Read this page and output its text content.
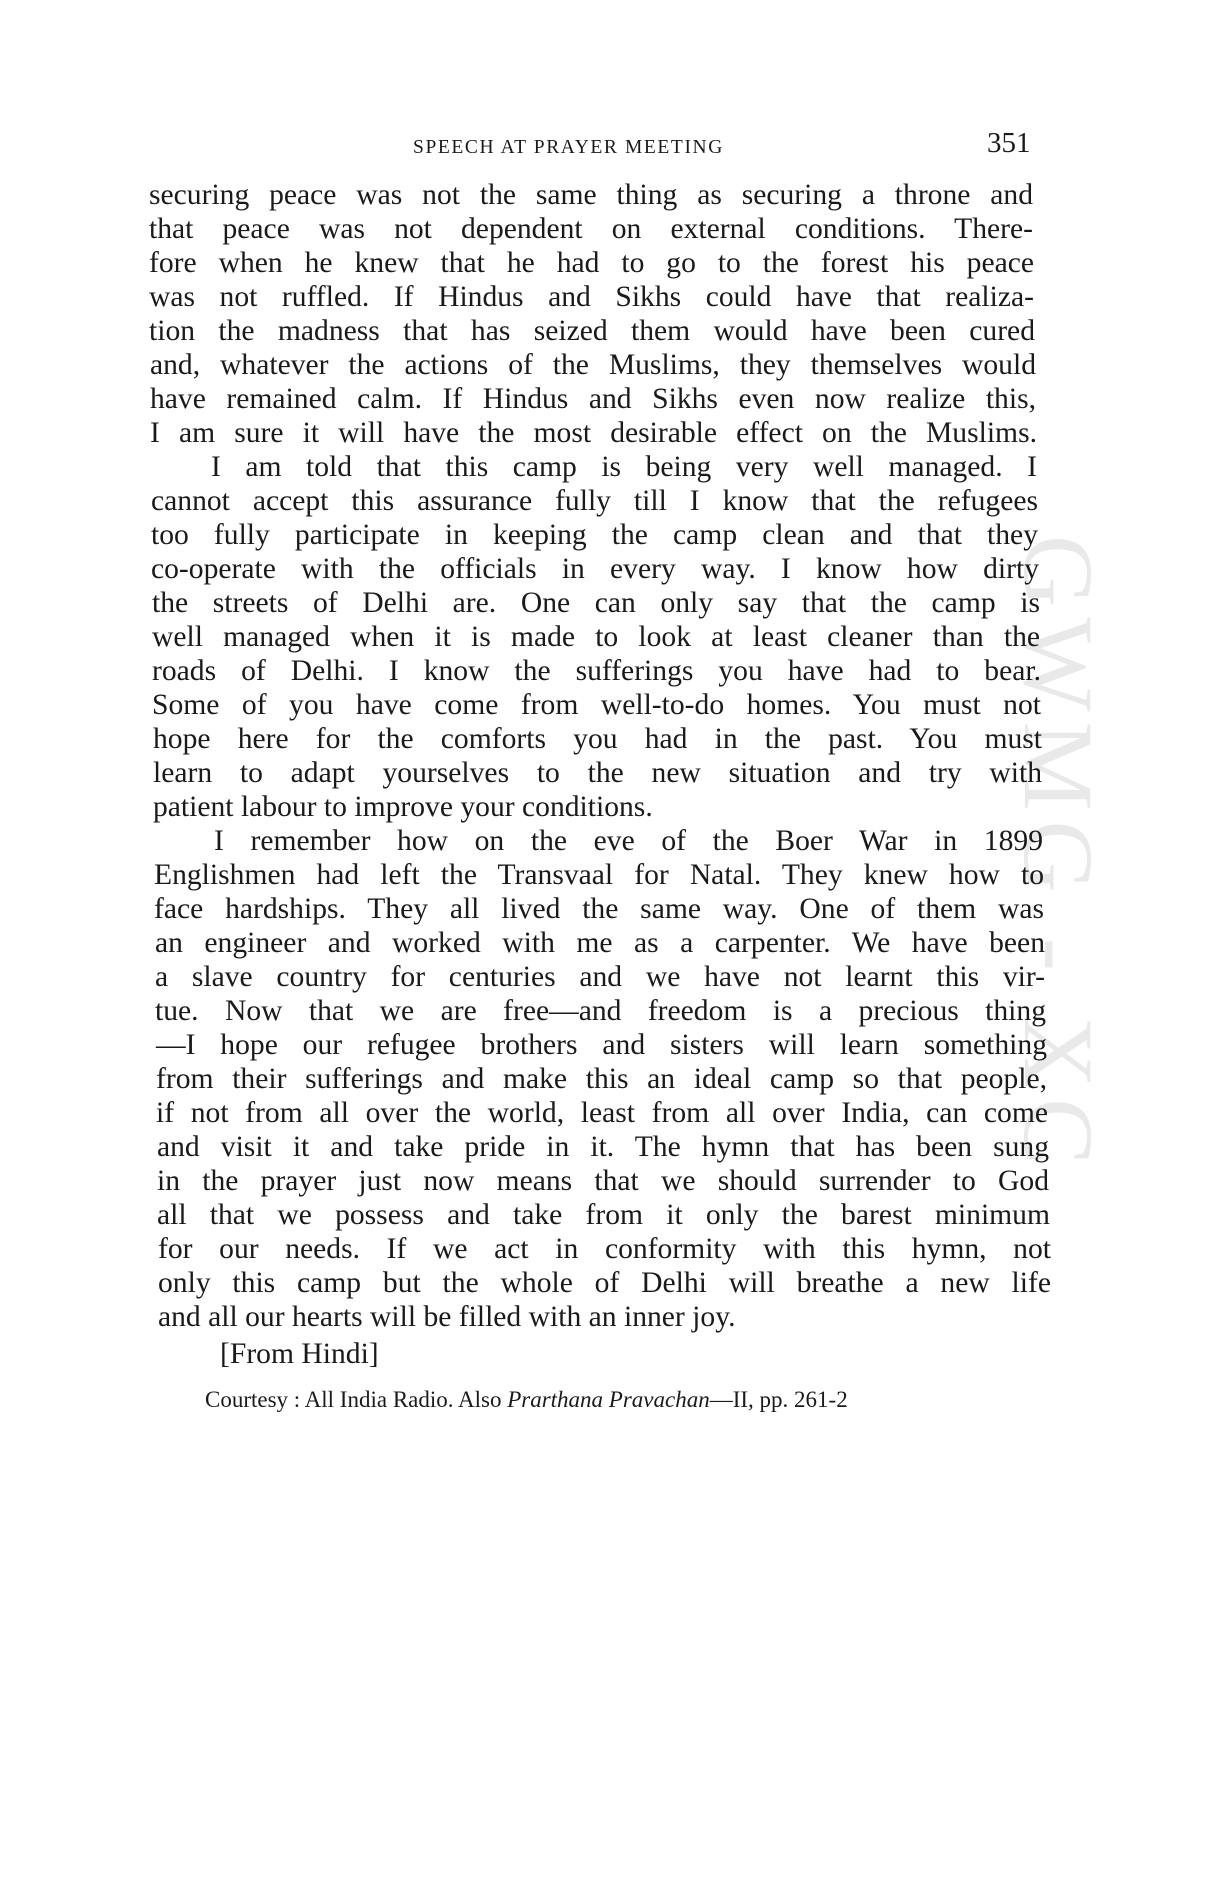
GWMG - XC
SPEECH AT PRAYER MEETING	351
securing peace was not the same thing as securing a throne and
that peace was not dependent on external conditions. There-
fore when he knew that he had to go to the forest his peace
was not ruffled. If Hindus and Sikhs could have that realiza-
tion the madness that has seized them would have been cured
and, whatever the actions of the Muslims, they themselves would
have remained calm. If Hindus and Sikhs even now realize this,
I am sure it will have the most desirable effect on the Muslims.
I am told that this camp is being very well managed. I
cannot accept this assurance fully till I know that the refugees
too fully participate in keeping the camp clean and that they
co-operate with the officials in every way. I know how dirty
the streets of Delhi are. One can only say that the camp is
well managed when it is made to look at least cleaner than the
roads of Delhi. I know the sufferings you have had to bear.
Some of you have come from well-to-do homes. You must not
hope here for the comforts you had in the past. You must
learn to adapt yourselves to the new situation and try with
patient labour to improve your conditions.
I remember how on the eve of the Boer War in 1899
Englishmen had left the Transvaal for Natal. They knew how to
face hardships. They all lived the same way. One of them was
an engineer and worked with me as a carpenter. We have been
a slave country for centuries and we have not learnt this vir-
tue. Now that we are free—and freedom is a precious thing
—I hope our refugee brothers and sisters will learn something
from their sufferings and make this an ideal camp so that people,
if not from all over the world, least from all over India, can come
and visit it and take pride in it. The hymn that has been sung
in the prayer just now means that we should surrender to God
all that we possess and take from it only the barest minimum
for our needs. If we act in conformity with this hymn, not
only this camp but the whole of Delhi will breathe a new life
and all our hearts will be filled with an inner joy.
[From Hindi]
Courtesy : All India Radio. Also Prarthana Pravachan—II, pp. 261-2
